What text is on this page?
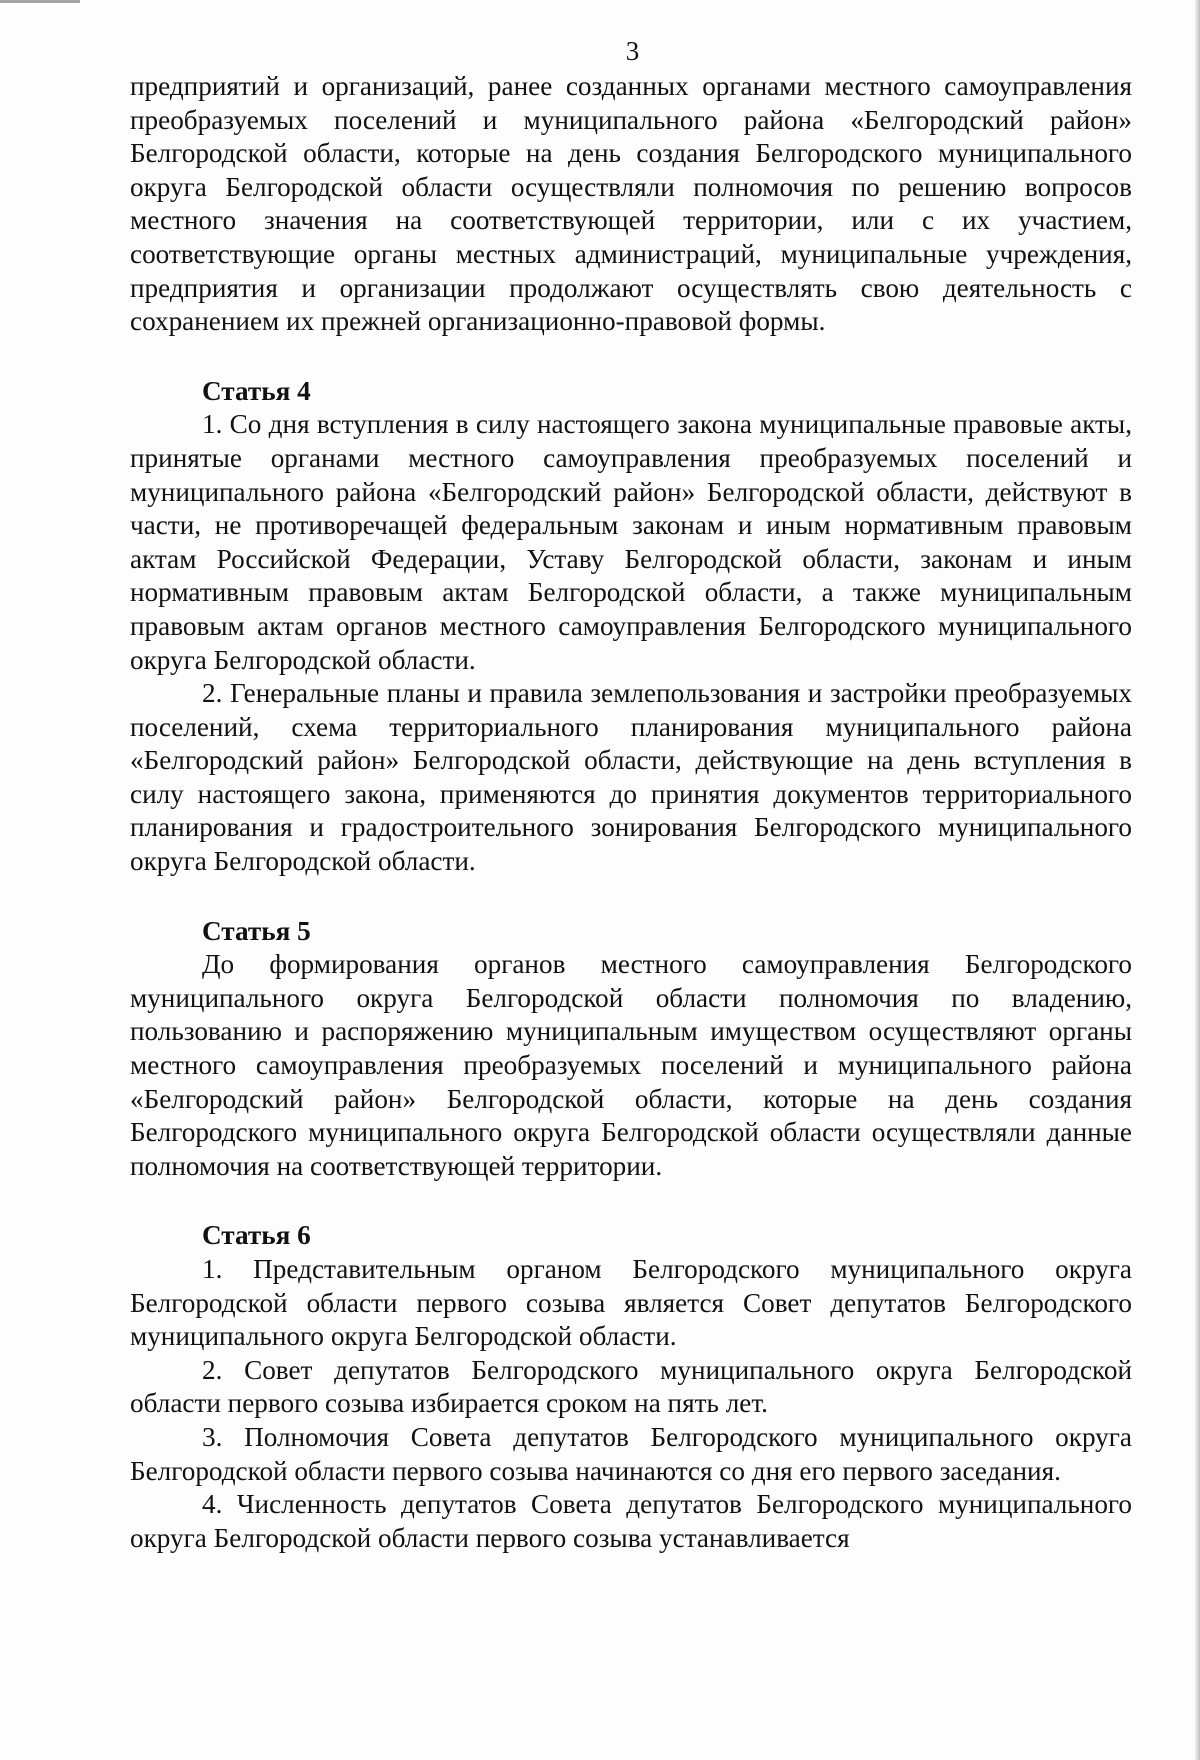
3

предприятий и организаций, ранее созданных органами местного самоуправления преобразуемых поселений и муниципального района «Белгородский район» Белгородской области, которые на день создания Белгородского муниципального округа Белгородской области осуществляли полномочия по решению вопросов местного значения на соответствующей территории, или с их участием, соответствующие органы местных администраций, муниципальные учреждения, предприятия и организации продолжают осуществлять свою деятельность с сохранением их прежней организационно-правовой формы.

Статья 4

1. Со дня вступления в силу настоящего закона муниципальные правовые акты, принятые органами местного самоуправления преобразуемых поселений и муниципального района «Белгородский район» Белгородской области, действуют в части, не противоречащей федеральным законам и иным нормативным правовым актам Российской Федерации, Уставу Белгородской области, законам и иным нормативным правовым актам Белгородской области, а также муниципальным правовым актам органов местного самоуправления Белгородского муниципального округа Белгородской области.

2. Генеральные планы и правила землепользования и застройки преобразуемых поселений, схема территориального планирования муниципального района «Белгородский район» Белгородской области, действующие на день вступления в силу настоящего закона, применяются до принятия документов территориального планирования и градостроительного зонирования Белгородского муниципального округа Белгородской области.

Статья 5

До формирования органов местного самоуправления Белгородского муниципального округа Белгородской области полномочия по владению, пользованию и распоряжению муниципальным имуществом осуществляют органы местного самоуправления преобразуемых поселений и муниципального района «Белгородский район» Белгородской области, которые на день создания Белгородского муниципального округа Белгородской области осуществляли данные полномочия на соответствующей территории.

Статья 6

1. Представительным органом Белгородского муниципального округа Белгородской области первого созыва является Совет депутатов Белгородского муниципального округа Белгородской области.

2. Совет депутатов Белгородского муниципального округа Белгородской области первого созыва избирается сроком на пять лет.

3. Полномочия Совета депутатов Белгородского муниципального округа Белгородской области первого созыва начинаются со дня его первого заседания.

4. Численность депутатов Совета депутатов Белгородского муниципального округа Белгородской области первого созыва устанавливается
